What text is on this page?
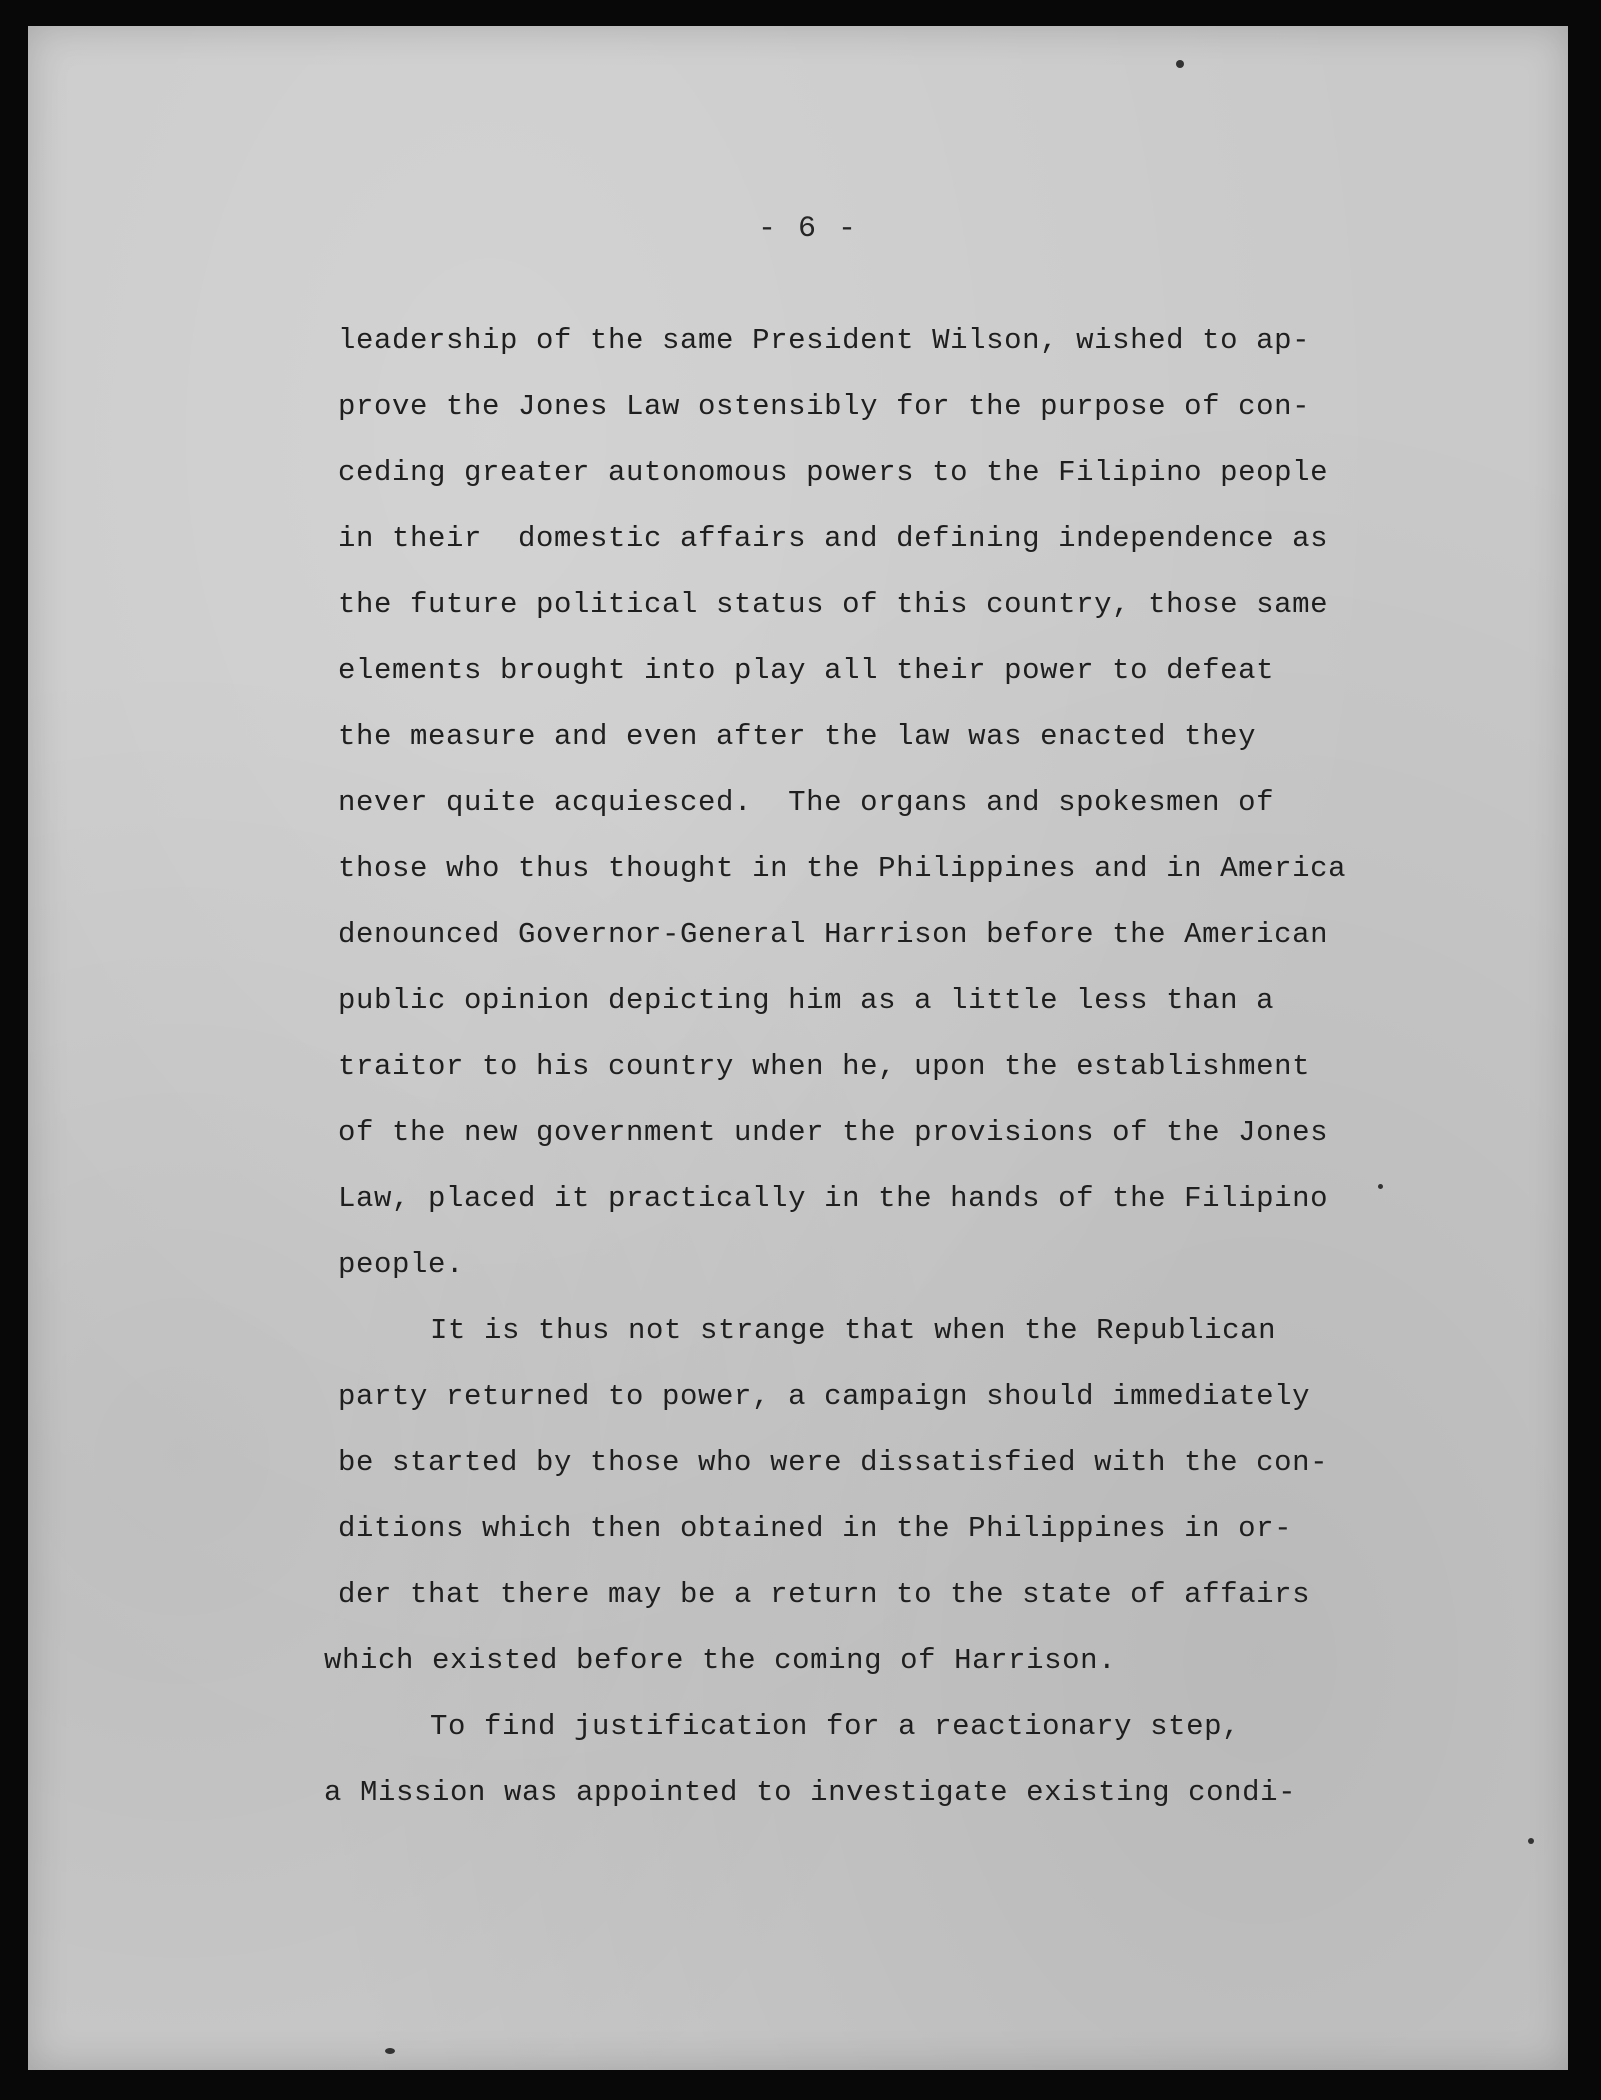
- 6 -
leadership of the same President Wilson, wished to ap-
prove the Jones Law ostensibly for the purpose of con-
ceding greater autonomous powers to the Filipino people
in their  domestic affairs and defining independence as
the future political status of this country, those same
elements brought into play all their power to defeat
the measure and even after the law was enacted they
never quite acquiesced.  The organs and spokesmen of
those who thus thought in the Philippines and in America
denounced Governor-General Harrison before the American
public opinion depicting him as a little less than a
traitor to his country when he, upon the establishment
of the new government under the provisions of the Jones
Law, placed it practically in the hands of the Filipino
people.
It is thus not strange that when the Republican
party returned to power, a campaign should immediately
be started by those who were dissatisfied with the con-
ditions which then obtained in the Philippines in or-
der that there may be a return to the state of affairs
which existed before the coming of Harrison.
To find justification for a reactionary step,
a Mission was appointed to investigate existing condi-
